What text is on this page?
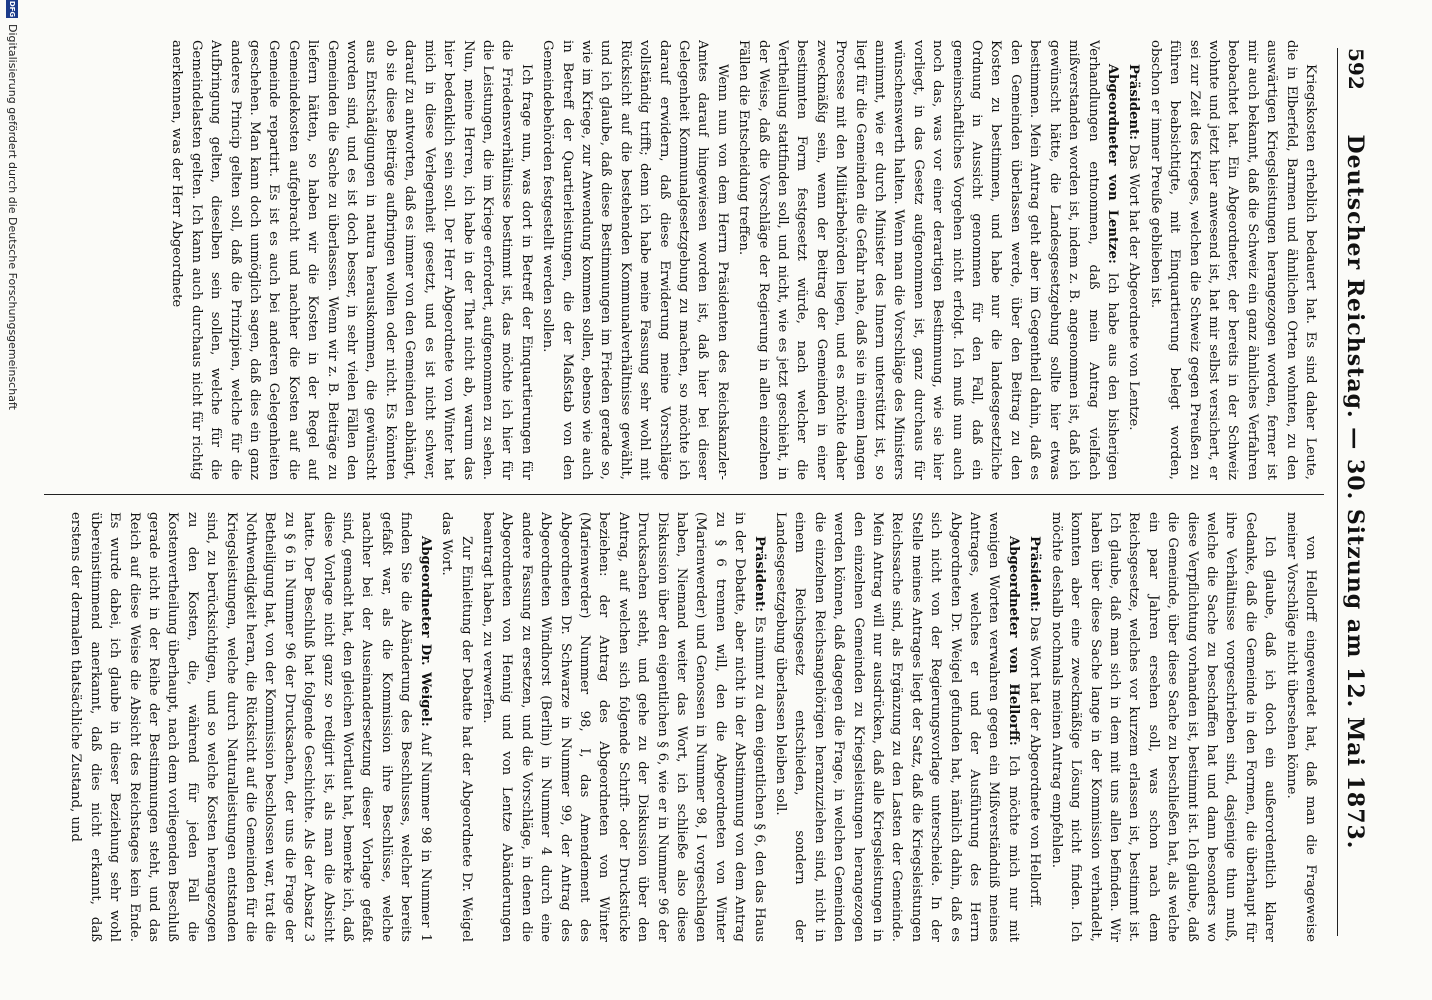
592
Deutscher Reichstag. — 30. Sitzung am 12. Mai 1873.

Kriegskosten erheblich bedauert hat. Es sind daher Leute, die in Elberfeld, Barmen und ähnlichen Orten wohnten, zu den auswärtigen Kriegsleistungen herangezogen worden, ferner ist mir auch bekannt, daß die Schweiz ein ganz ähnliches Verfahren beobachtet hat. Ein Abgeordneter, der bereits in der Schweiz wohnte und jetzt hier anwesend ist, hat mir selbst versichert, er sei zur Zeit des Krieges, welchen die Schweiz gegen Preußen zu führen beabsichtigte, mit Einquartierung belegt worden, obschon er immer Preuße geblieben ist.

Präsident: Das Wort hat der Abgeordnete von Lentze.

Abgeordneter von Lentze: Ich habe aus den bisherigen Verhandlungen entnommen, daß mein Antrag vielfach mißverstanden worden ist, indem z. B. angenommen ist, daß ich gewünscht hätte, die Landesgesetzgebung sollte hier etwas bestimmen. Mein Antrag geht aber im Gegentheil dahin, daß es den Gemeinden überlassen werde, über den Beitrag zu den Kosten zu bestimmen, und habe nur die landesgesetzliche Ordnung in Aussicht genommen für den Fall, daß ein gemeinschaftliches Vorgehen nicht erfolgt. Ich muß nun auch noch das, was vor einer derartigen Bestimmung, wie sie hier vorliegt, in das Gesetz aufgenommen ist, ganz durchaus für wünschenswerth halten. Wenn man die Vorschläge des Ministers annimmt, wie er durch Minister des Innern unterstützt ist, so liegt für die Gemeinden die Gefahr nahe, daß sie in einem langen Processe mit den Militärbehörden liegen, und es möchte daher zweckmäßig sein, wenn der Beitrag der Gemeinden in einer bestimmten Form festgesetzt würde, nach welcher die Vertheilung stattfinden soll, und nicht, wie es jetzt geschieht, in der Weise, daß die Vorschläge der Regierung in allen einzelnen Fällen die Entscheidung treffen.

Wenn nun von dem Herrn Präsidenten des Reichskanzler-Amtes darauf hingewiesen worden ist, daß hier bei dieser Gelegenheit Kommunalgesetzgebung zu machen, so möchte ich darauf erwidern, daß diese Erwiderung meine Vorschläge vollständig trifft; denn ich habe meine Fassung sehr wohl mit Rücksicht auf die bestehenden Kommunalverhältnisse gewählt, und ich glaube, daß diese Bestimmungen im Frieden gerade so, wie im Kriege, zur Anwendung kommen sollen, ebenso wie auch in Betreff der Quartierleistungen, die der Maßstab von den Gemeindebehörden festgestellt werden sollen.

Ich frage nun, was dort in Betreff der Einquartierungen für die Friedensverhältnisse bestimmt ist, das möchte ich hier für die Leistungen, die im Kriege erfordert, aufgenommen zu sehen. Nun, meine Herren, ich habe in der That nicht ab, warum das hier bedenklich sein soll. Der Herr Abgeordnete von Winter hat mich in diese Verlegenheit gesetzt, und es ist nicht schwer, darauf zu antworten, daß es immer von den Gemeinden abhängt, ob sie diese Beiträge aufbringen wollen oder nicht. Es könnten aus Entschädigungen in natura herauskommen, die gewünscht worden sind, und es ist doch besser, in sehr vielen Fällen den Gemeinden die Sache zu überlassen. Wenn wir z. B. Beiträge zu liefern hätten, so haben wir die Kosten in der Regel auf Gemeindekosten aufgebracht und nachher die Kosten auf die Gemeinde repartirt. Es ist es auch bei anderen Gelegenheiten geschehen. Man kann doch unmöglich sagen, daß dies ein ganz anderes Princip gelten soll, daß die Prinzipien, welche für die Aufbringung gelten, dieselben sein sollen, welche für die Gemeindelasten gelten. Ich kann auch durchaus nicht für richtig anerkennen, was der Herr Abgeordnete

von Hellorff eingewendet hat, daß man die Frageweise meiner Vorschläge nicht übersehen könne.

Ich glaube, daß ich doch ein außerordentlich klarer Gedanke, daß die Gemeinde in den Formen, die überhaupt für ihre Verhältnisse vorgeschrieben sind, dasjenige thun muß, welche die Sache zu beschaffen hat und dann besonders wo diese Verpflichtung vorhanden ist, bestimmt ist. Ich glaube, daß die Gemeinde, über diese Sache zu beschließen hat, als welche ein paar Jahren ersehen soll, was schon nach dem Reichsgesetze, welches vor kurzem erlassen ist, bestimmt ist. Ich glaube, daß man sich in dem mit uns allen befinden. Wir haben über diese Sache lange in der Kommission verhandelt, konnten aber eine zweckmäßige Lösung nicht finden. Ich möchte deshalb nochmals meinen Antrag empfehlen.

Präsident: Das Wort hat der Abgeordnete von Hellorff.

Abgeordneter von Hellorff: Ich möchte mich nur mit wenigen Worten verwahren gegen ein Mißverständniß meines Antrages, welches er und der Ausführung des Herrn Abgeordneten Dr. Weigel gefunden hat, nämlich dahin, daß es sich nicht von der Regierungsvorlage unterscheide. In der Stelle meines Antrages liegt der Satz, daß die Kriegsleistungen Reichssache sind, als Ergänzung zu den Lasten der Gemeinde. Mein Antrag will nur ausdrücken, daß alle Kriegsleistungen in den einzelnen Gemeinden zu Kriegsleistungen herangezogen werden können, daß dagegen die Frage, in welchen Gemeinden die einzelnen Reichsangehörigen heranzuziehen sind, nicht in einem Reichsgesetz entschieden, sondern der Landesgesetzgebung überlassen bleiben soll.

Präsident: Es nimmt zu dem eigentlichen § 6, den das Haus in der Debatte, aber nicht in der Abstimmung von dem Antrag zu § 6 trennen will, den die Abgeordneten von Winter (Marienwerder) und Genossen in Nummer 98, I vorgeschlagen haben, Niemand weiter das Wort, ich schließe also diese Diskussion über den eigentlichen § 6, wie er in Nummer 96 der Drucksachen steht, und gehe zu der Diskussion über den Antrag, auf welchen sich folgende Schrift- oder Druckstücke beziehen: der Antrag des Abgeordneten von Winter (Marienwerder) Nummer 98, I, das Amendement des Abgeordneten Dr. Schwarze in Nummer 99, der Antrag des Abgeordneten Windhorst (Berlin) in Nummer 4 durch eine andere Fassung zu ersetzen, und die Vorschläge, in denen die Abgeordneten von Hennig und von Lentze Abänderungen beantragt haben, zu verwerfen.

Zur Einleitung der Debatte hat der Abgeordnete Dr. Weigel das Wort.

Abgeordneter Dr. Weigel: Auf Nummer 98 in Nummer 1 finden Sie die Abänderung des Beschlusses, welcher bereits gefaßt war, als die Kommission ihre Beschlüsse, welche nachher bei der Auseinandersetzung dieser Vorlage gefaßt sind, gemacht hat, den gleichen Wortlaut hat, bemerke ich, daß diese Vorlage nicht ganz so redigirt ist, als man die Absicht hatte. Der Beschluß hat folgende Geschichte. Als der Absatz 3 zu § 6 in Nummer 96 der Drucksachen, der uns die Frage der Betheiligung hat, von der Kommission beschlossen war, trat die Nothwendigkeit heran, die Rücksicht auf die Gemeinden für die Kriegsleistungen, welche durch Naturalleistungen entstanden sind, zu berücksichtigen, und so welche Kosten herangezogen zu den Kosten, die, während für jeden Fall die Kostenvertheilung überhaupt, nach dem vorliegenden Beschluß gerade nicht in der Reihe der Bestimmungen steht, und das Reich auf diese Weise die Absicht des Reichstages kein Ende. Es wurde dabei, ich glaube in dieser Beziehung sehr wohl übereinstimmend anerkannt, daß dies nicht erkannt, daß erstens der dermalen thatsächliche Zustand, und

DFG
Digitalisierung gefördert durch die Deutsche Forschungsgemeinschaft
